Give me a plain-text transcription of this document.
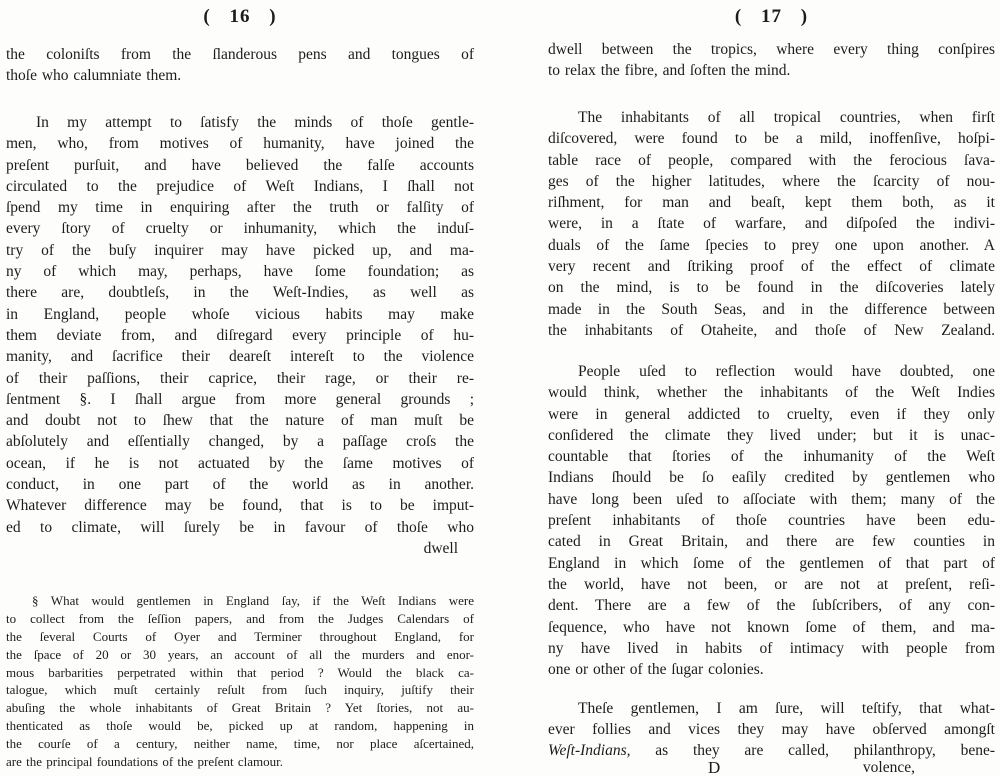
( 16 )
the coloniſts from the ſlanderous pens and tongues of
thoſe who calumniate them.
In my attempt to ſatisfy the minds of thoſe gentle-
men, who, from motives of humanity, have joined the
preſent purſuit, and have believed the falſe accounts
circulated to the prejudice of Weſt Indians, I ſhall not
ſpend my time in enquiring after the truth or falſity of
every ſtory of cruelty or inhumanity, which the induſ-
try of the buſy inquirer may have picked up, and ma-
ny of which may, perhaps, have ſome foundation; as
there are, doubtleſs, in the Weſt-Indies, as well as
in England, people whoſe vicious habits may make
them deviate from, and diſregard every principle of hu-
manity, and ſacrifice their deareſt intereſt to the violence
of their paſſions, their caprice, their rage, or their re-
ſentment §. I ſhall argue from more general grounds ;
and doubt not to ſhew that the nature of man muſt be
abſolutely and eſſentially changed, by a paſſage croſs the
ocean, if he is not actuated by the ſame motives of
conduct, in one part of the world as in another.
Whatever difference may be found, that is to be imput-
ed to climate, will ſurely be in favour of thoſe who
dwell
§ What would gentlemen in England ſay, if the Weſt Indians were
to collect from the ſeſſion papers, and from the Judges Calendars of
the ſeveral Courts of Oyer and Terminer throughout England, for
the ſpace of 20 or 30 years, an account of all the murders and enor-
mous barbarities perpetrated within that period ? Would the black ca-
talogue, which muſt certainly reſult from ſuch inquiry, juſtify their
abuſing the whole inhabitants of Great Britain ? Yet ſtories, not au-
thenticated as thoſe would be, picked up at random, happening in
the courſe of a century, neither name, time, nor place aſcertained,
are the principal foundations of the preſent clamour.
( 17 )
dwell between the tropics, where every thing conſpires
to relax the fibre, and ſoften the mind.
The inhabitants of all tropical countries, when firſt
diſcovered, were found to be a mild, inoffenſive, hoſpi-
table race of people, compared with the ferocious ſava-
ges of the higher latitudes, where the ſcarcity of nou-
riſhment, for man and beaſt, kept them both, as it
were, in a ſtate of warfare, and diſpoſed the indivi-
duals of the ſame ſpecies to prey one upon another. A
very recent and ſtriking proof of the effect of climate
on the mind, is to be found in the diſcoveries lately
made in the South Seas, and in the difference between
the inhabitants of Otaheite, and thoſe of New Zealand.
People uſed to reflection would have doubted, one
would think, whether the inhabitants of the Weſt Indies
were in general addicted to cruelty, even if they only
conſidered the climate they lived under; but it is unac-
countable that ſtories of the inhumanity of the Weſt
Indians ſhould be ſo eaſily credited by gentlemen who
have long been uſed to aſſociate with them; many of the
preſent inhabitants of thoſe countries have been edu-
cated in Great Britain, and there are few counties in
England in which ſome of the gentlemen of that part of
the world, have not been, or are not at preſent, reſi-
dent. There are a few of the ſubſcribers, of any con-
ſequence, who have not known ſome of them, and ma-
ny have lived in habits of intimacy with people from
one or other of the ſugar colonies.
Theſe gentlemen, I am ſure, will teſtify, that what-
ever follies and vices they may have obſerved amongſt
Weſt-Indians, as they are called, philanthropy, bene-
D	volence,
